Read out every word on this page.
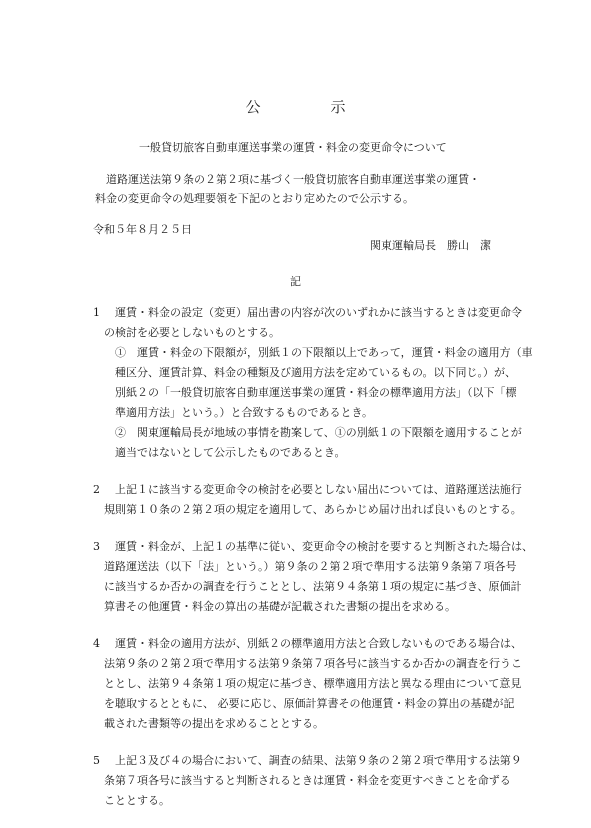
公示
一般貸切旅客自動車運送事業の運賃・料金の変更命令について
道路運送法第９条の２第２項に基づく一般貸切旅客自動車運送事業の運賃・
料金の変更命令の処理要領を下記のとおり定めたので公示する。
令和５年８月２５日
関東運輸局長　勝山　潔
記
1 運賃・料金の設定（変更）届出書の内容が次のいずれかに該当するときは変更命令
の検討を必要としないものとする。
①　運賃・料金の下限額が，別紙１の下限額以上であって，運賃・料金の適用方（車
種区分、運賃計算、料金の種類及び適用方法を定めているもの。以下同じ。）が、
別紙２の「一般貸切旅客自動車運送事業の運賃・料金の標準適用方法」（以下「標
準適用方法」という。）と合致するものであるとき。
②　関東運輸局長が地域の事情を勘案して、①の別紙１の下限額を適用することが
適当ではないとして公示したものであるとき。
2 上記１に該当する変更命令の検討を必要としない届出については、道路運送法施行
規則第１０条の２第２項の規定を適用して、あらかじめ届け出れば良いものとする。
3 運賃・料金が、上記１の基準に従い、変更命令の検討を要すると判断された場合は、
道路運送法（以下「法」という。）第９条の２第２項で準用する法第９条第７項各号
に該当するか否かの調査を行うこととし、法第９４条第１項の規定に基づき、原価計
算書その他運賃・料金の算出の基礎が記載された書類の提出を求める。
4 運賃・料金の適用方法が、別紙２の標準適用方法と合致しないものである場合は、
法第９条の２第２項で準用する法第９条第７項各号に該当するか否かの調査を行うこ
ととし、法第９４条第１項の規定に基づき、標準適用方法と異なる理由について意見
を聴取するとともに、 必要に応じ、原価計算書その他運賃・料金の算出の基礎が記
載された書類等の提出を求めることとする。
5 上記３及び４の場合において、調査の結果、法第９条の２第２項で準用する法第９
条第７項各号に該当すると判断されるときは運賃・料金を変更すべきことを命ずる
こととする。
